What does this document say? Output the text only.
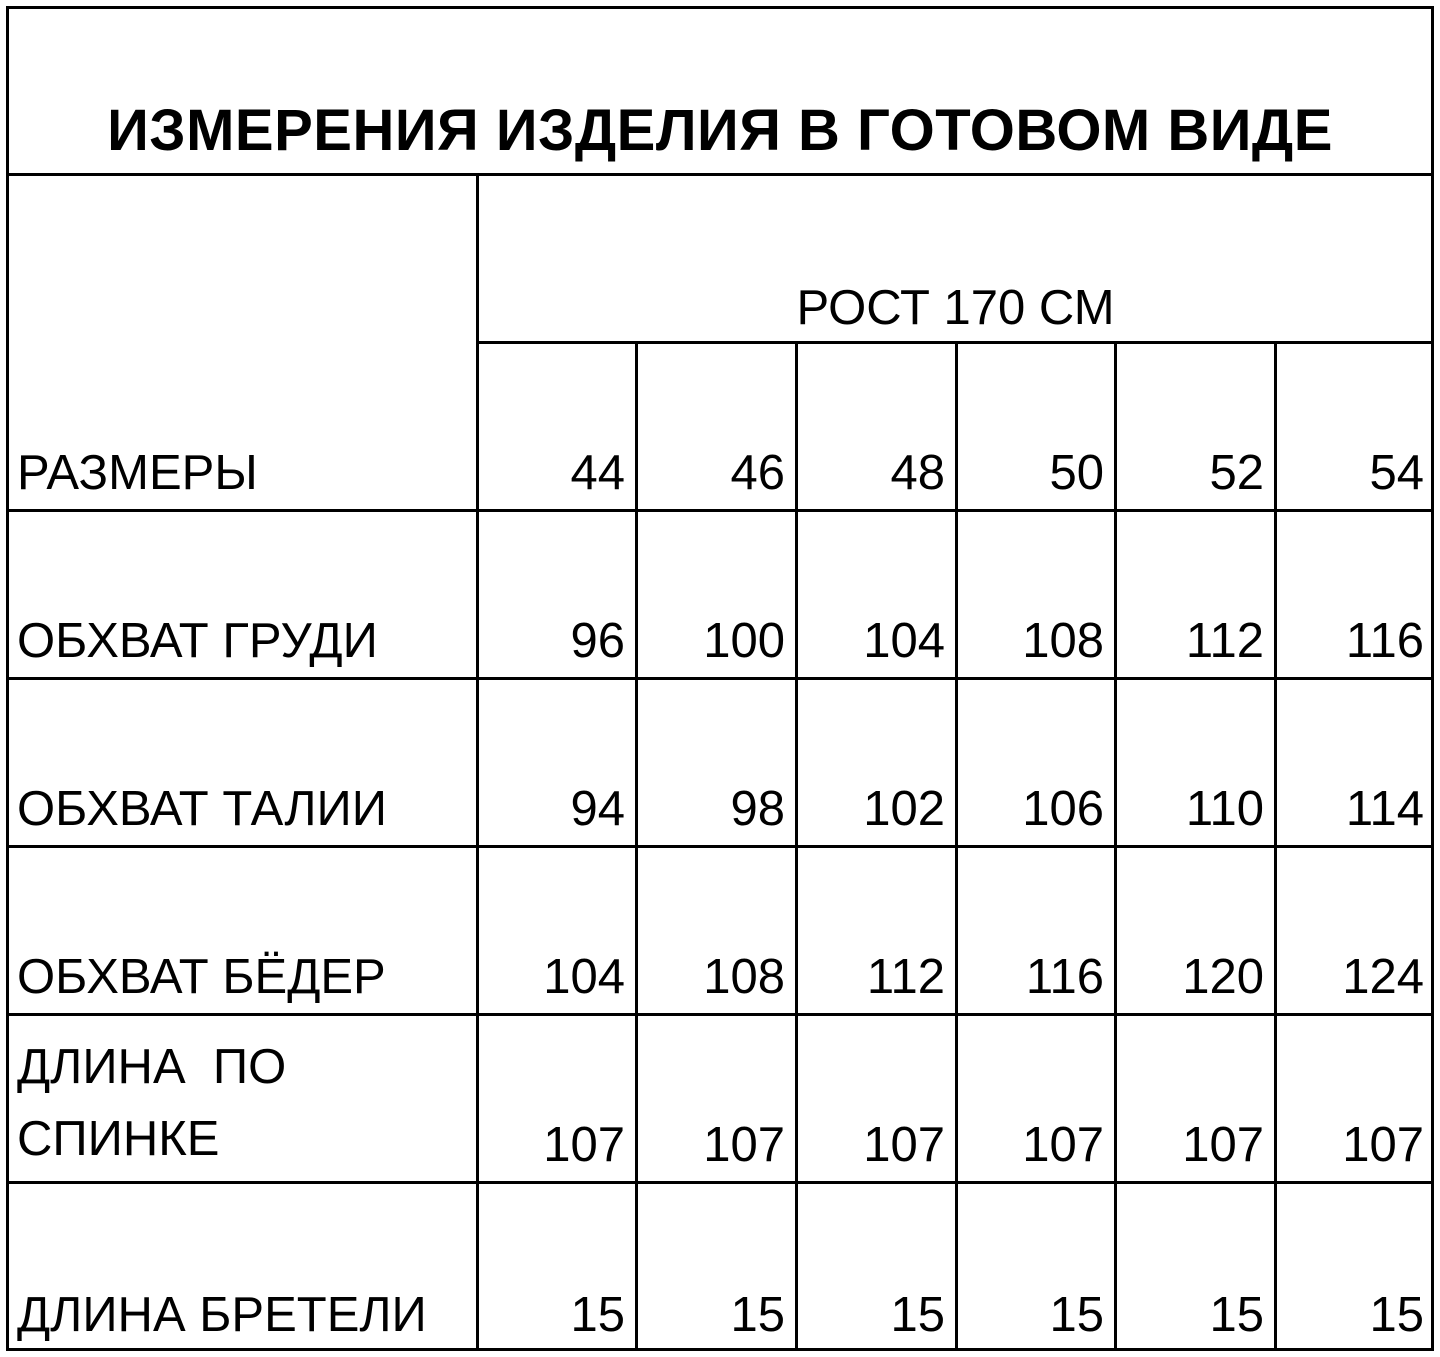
ИЗМЕРЕНИЯ ИЗДЕЛИЯ В ГОТОВОМ ВИДЕ
РОСТ 170 СМ
РАЗМЕРЫ	44	46	48	50	52	54
ОБХВАТ ГРУДИ	96	100	104	108	112	116
ОБХВАТ ТАЛИИ	94	98	102	106	110	114
ОБХВАТ БЁДЕР	104	108	112	116	120	124
ДЛИНА  ПО
СПИНКЕ	107	107	107	107	107	107
ДЛИНА БРЕТЕЛИ	15	15	15	15	15	15
